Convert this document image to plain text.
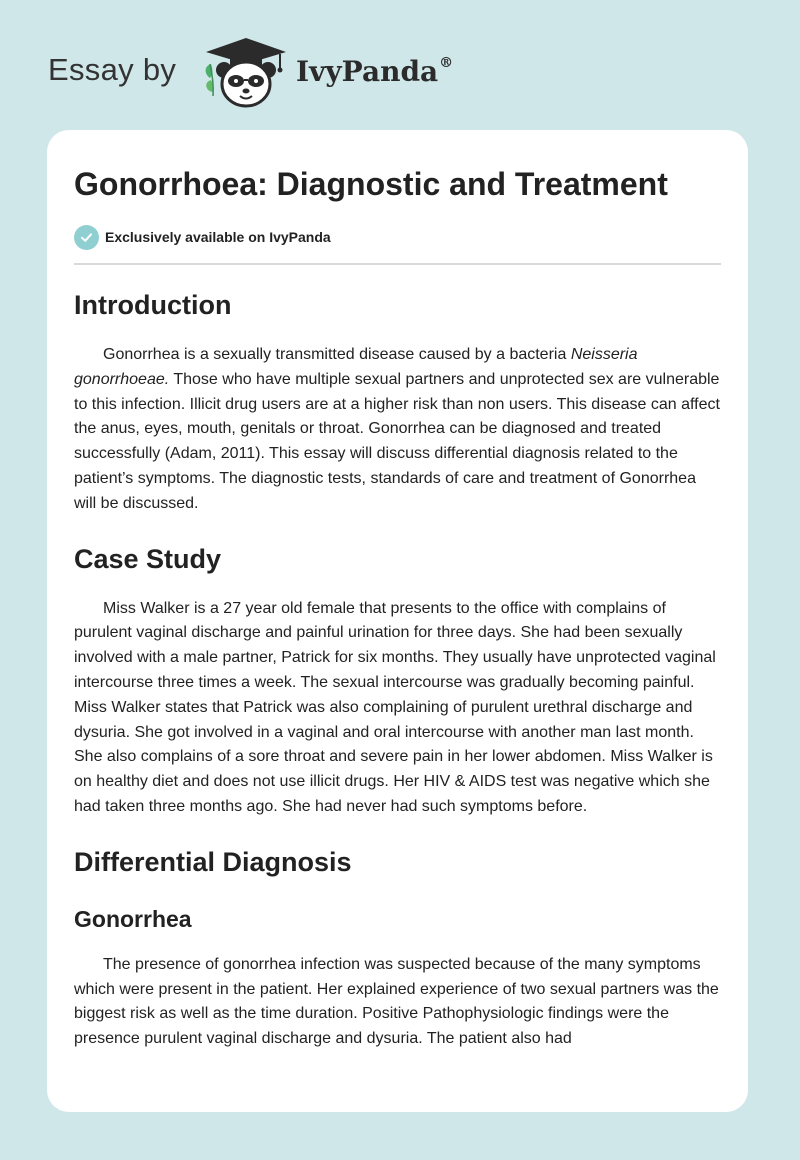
Essay by	IvyPanda®
Gonorrhoea: Diagnostic and Treatment
Exclusively available on IvyPanda
Introduction

Gonorrhea is a sexually transmitted disease caused by a bacteria Neisseria gonorrhoeae. Those who have multiple sexual partners and unprotected sex are vulnerable to this infection. Illicit drug users are at a higher risk than non users. This disease can affect the anus, eyes, mouth, genitals or throat. Gonorrhea can be diagnosed and treated successfully (Adam, 2011). This essay will discuss differential diagnosis related to the patient’s symptoms. The diagnostic tests, standards of care and treatment of Gonorrhea will be discussed.

Case Study

Miss Walker is a 27 year old female that presents to the office with complains of purulent vaginal discharge and painful urination for three days. She had been sexually involved with a male partner, Patrick for six months. They usually have unprotected vaginal intercourse three times a week. The sexual intercourse was gradually becoming painful. Miss Walker states that Patrick was also complaining of purulent urethral discharge and dysuria. She got involved in a vaginal and oral intercourse with another man last month. She also complains of a sore throat and severe pain in her lower abdomen. Miss Walker is on healthy diet and does not use illicit drugs. Her HIV & AIDS test was negative which she had taken three months ago. She had never had such symptoms before.

Differential Diagnosis
Gonorrhea

The presence of gonorrhea infection was suspected because of the many symptoms which were present in the patient. Her explained experience of two sexual partners was the biggest risk as well as the time duration. Positive Pathophysiologic findings were the presence purulent vaginal discharge and dysuria. The patient also had
